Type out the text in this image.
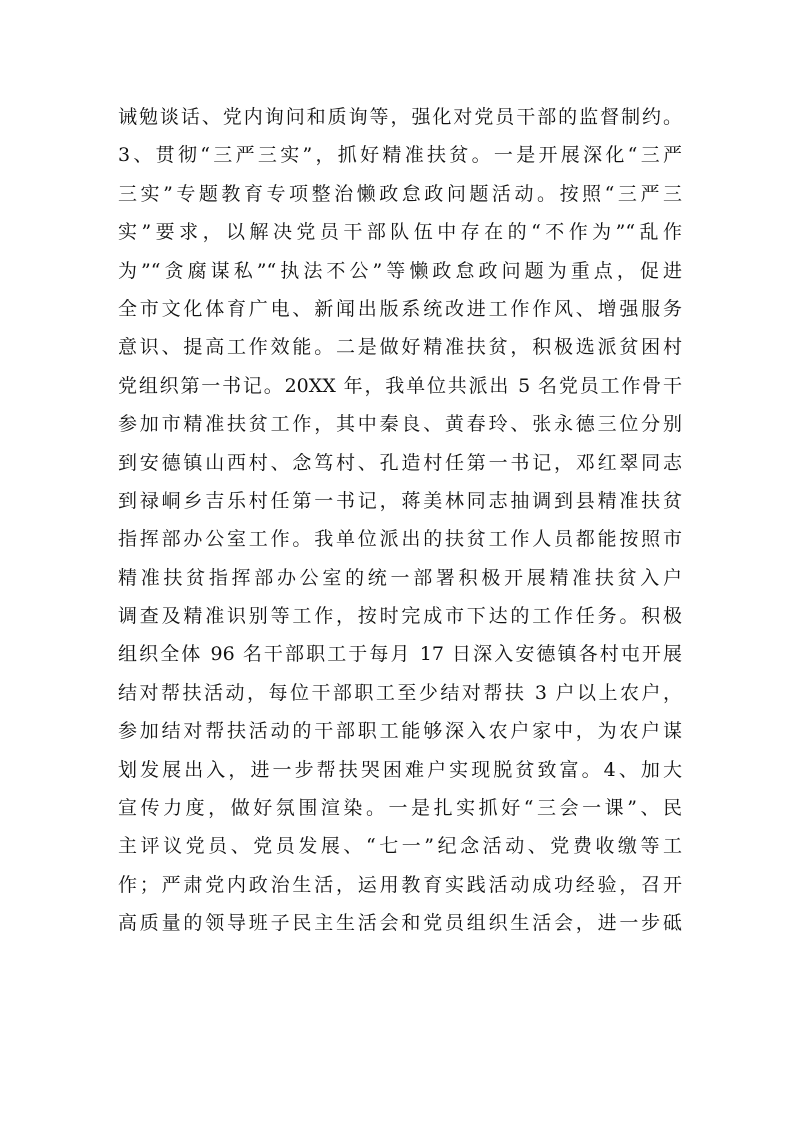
诫勉谈话、党内询问和质询等，强化对党员干部的监督制约。
3、贯彻“三严三实”，抓好精准扶贫。一是开展深化“三严
三实”专题教育专项整治懒政怠政问题活动。按照“三严三
实”要求，以解决党员干部队伍中存在的“不作为”“乱作
为”“贪腐谋私”“执法不公”等懒政怠政问题为重点，促进
全市文化体育广电、新闻出版系统改进工作作风、增强服务
意识、提高工作效能。二是做好精准扶贫，积极选派贫困村
党组织第一书记。20XX 年，我单位共派出 5 名党员工作骨干
参加市精准扶贫工作，其中秦良、黄春玲、张永德三位分别
到安德镇山西村、念笃村、孔造村任第一书记，邓红翠同志
到禄峒乡吉乐村任第一书记，蒋美林同志抽调到县精准扶贫
指挥部办公室工作。我单位派出的扶贫工作人员都能按照市
精准扶贫指挥部办公室的统一部署积极开展精准扶贫入户
调查及精准识别等工作，按时完成市下达的工作任务。积极
组织全体 96 名干部职工于每月 17 日深入安德镇各村屯开展
结对帮扶活动，每位干部职工至少结对帮扶 3 户以上农户，
参加结对帮扶活动的干部职工能够深入农户家中，为农户谋
划发展出入，进一步帮扶哭困难户实现脱贫致富。4、加大
宣传力度，做好氛围渲染。一是扎实抓好“三会一课”、民
主评议党员、党员发展、“七一”纪念活动、党费收缴等工
作；严肃党内政治生活，运用教育实践活动成功经验，召开
高质量的领导班子民主生活会和党员组织生活会，进一步砥
